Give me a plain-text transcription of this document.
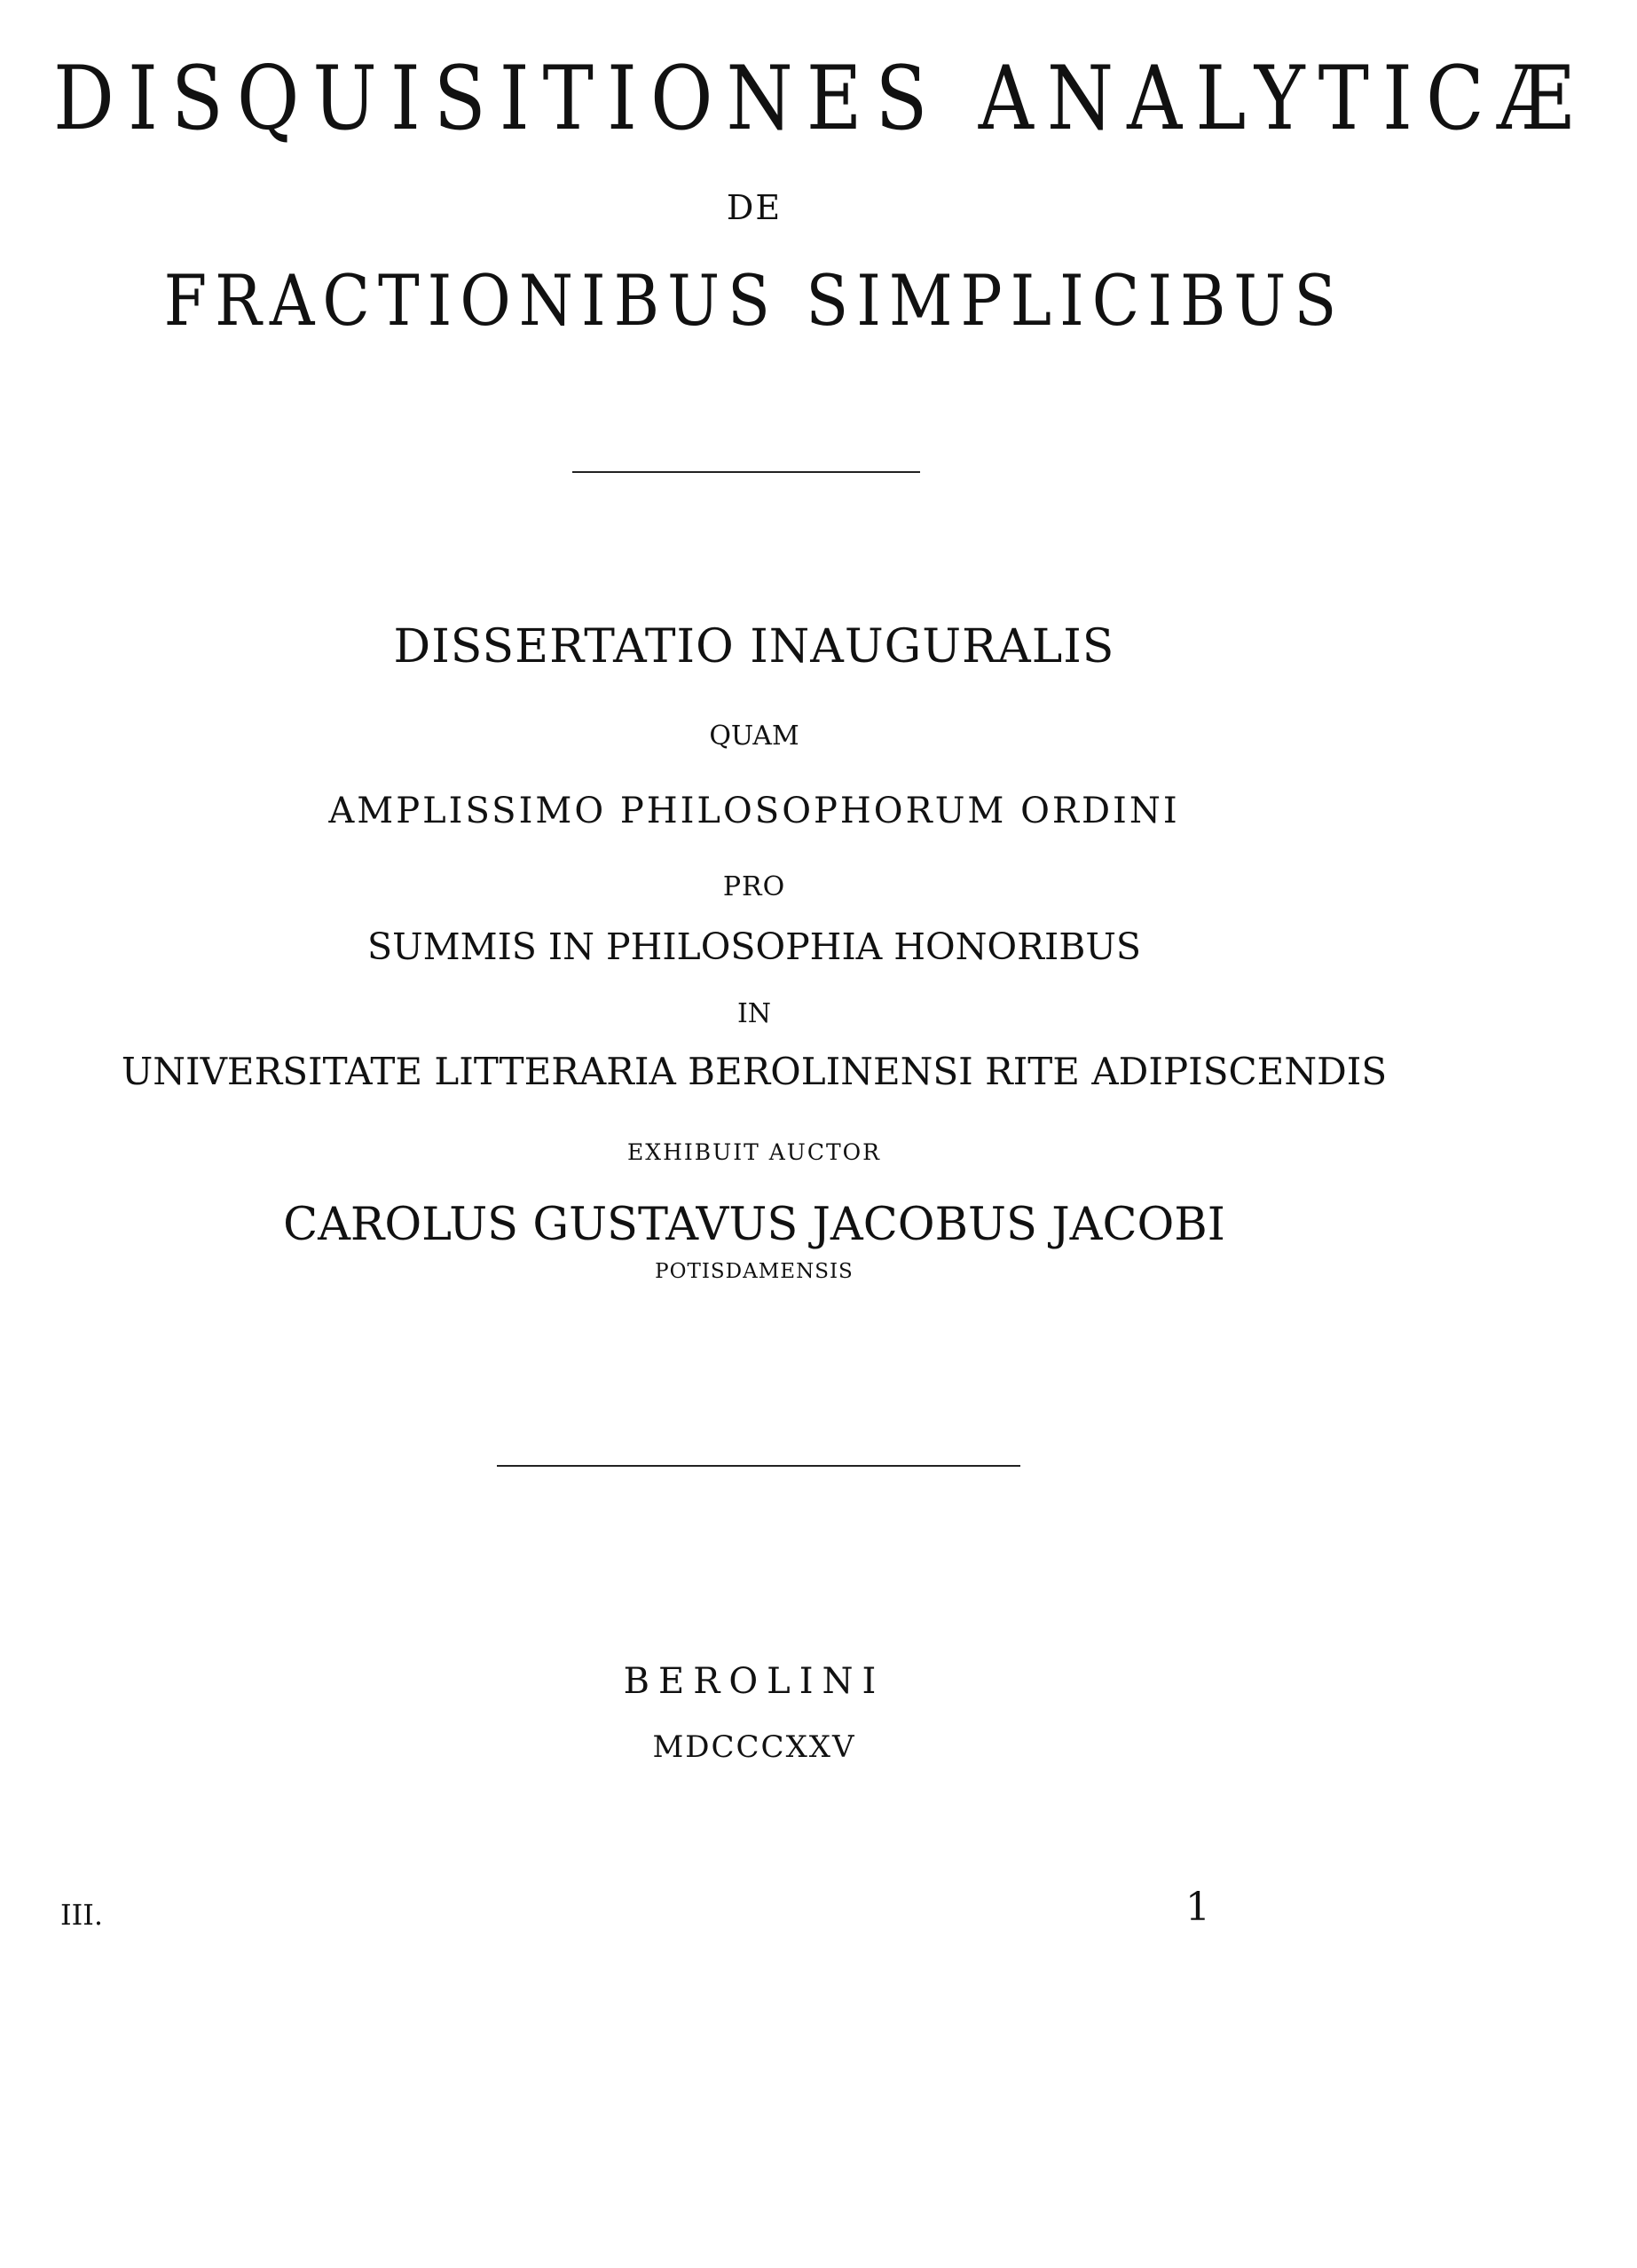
DISQUISITIONES ANALYTICÆ
DE
FRACTIONIBUS SIMPLICIBUS
DISSERTATIO INAUGURALIS
QUAM
AMPLISSIMO PHILOSOPHORUM ORDINI
PRO
SUMMIS IN PHILOSOPHIA HONORIBUS
IN
UNIVERSITATE LITTERARIA BEROLINENSI RITE ADIPISCENDIS
EXHIBUIT AUCTOR
CAROLUS GUSTAVUS JACOBUS JACOBI
POTISDAMENSIS
BEROLINI
MDCCCXXV
III.	1
